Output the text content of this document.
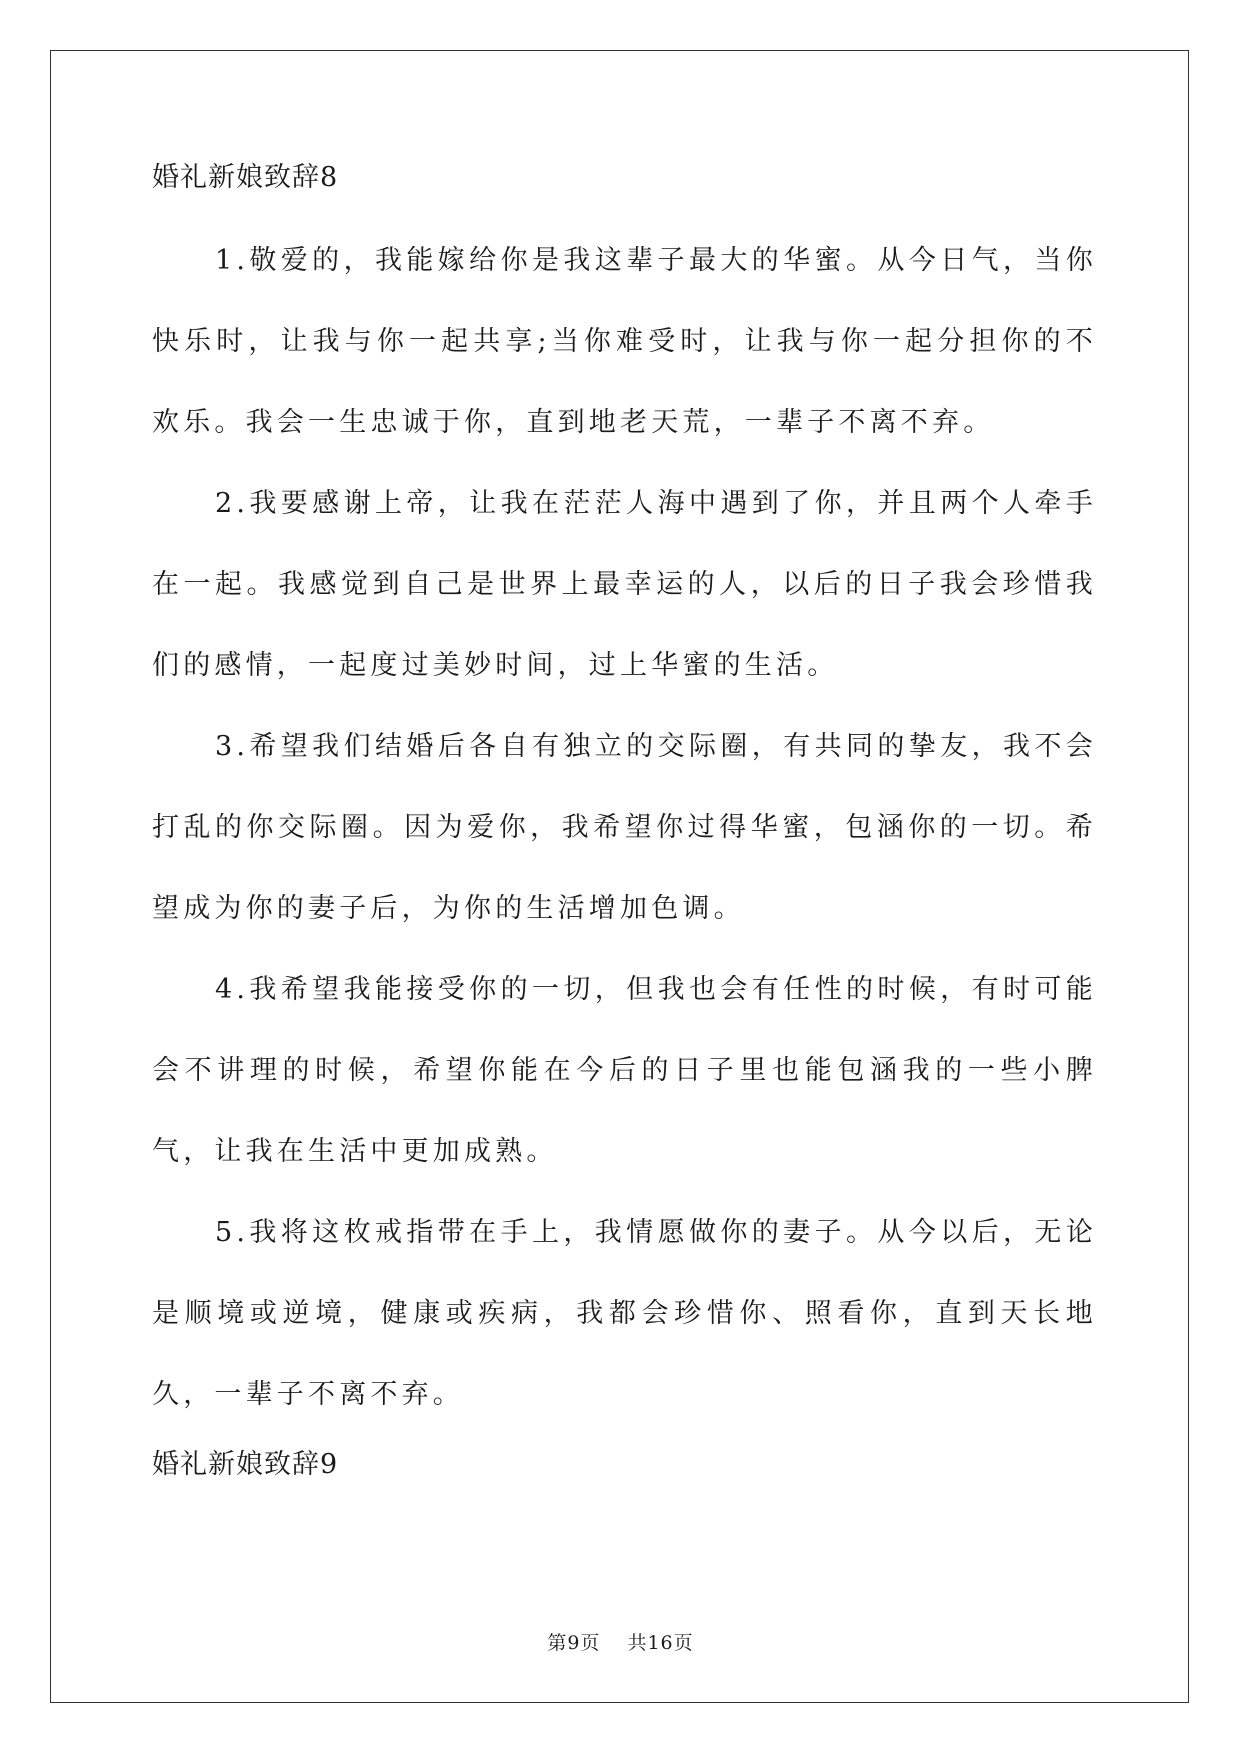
婚礼新娘致辞8

1.敬爱的，我能嫁给你是我这辈子最大的华蜜。从今日气，当你快乐时，让我与你一起共享;当你难受时，让我与你一起分担你的不欢乐。我会一生忠诚于你，直到地老天荒，一辈子不离不弃。

2.我要感谢上帝，让我在茫茫人海中遇到了你，并且两个人牵手在一起。我感觉到自己是世界上最幸运的人，以后的日子我会珍惜我们的感情，一起度过美妙时间，过上华蜜的生活。

3.希望我们结婚后各自有独立的交际圈，有共同的挚友，我不会打乱的你交际圈。因为爱你，我希望你过得华蜜，包涵你的一切。希望成为你的妻子后，为你的生活增加色调。

4.我希望我能接受你的一切，但我也会有任性的时候，有时可能会不讲理的时候，希望你能在今后的日子里也能包涵我的一些小脾气，让我在生活中更加成熟。

5.我将这枚戒指带在手上，我情愿做你的妻子。从今以后，无论是顺境或逆境，健康或疾病，我都会珍惜你、照看你，直到天长地久，一辈子不离不弃。

婚礼新娘致辞9

第9页 共16页
